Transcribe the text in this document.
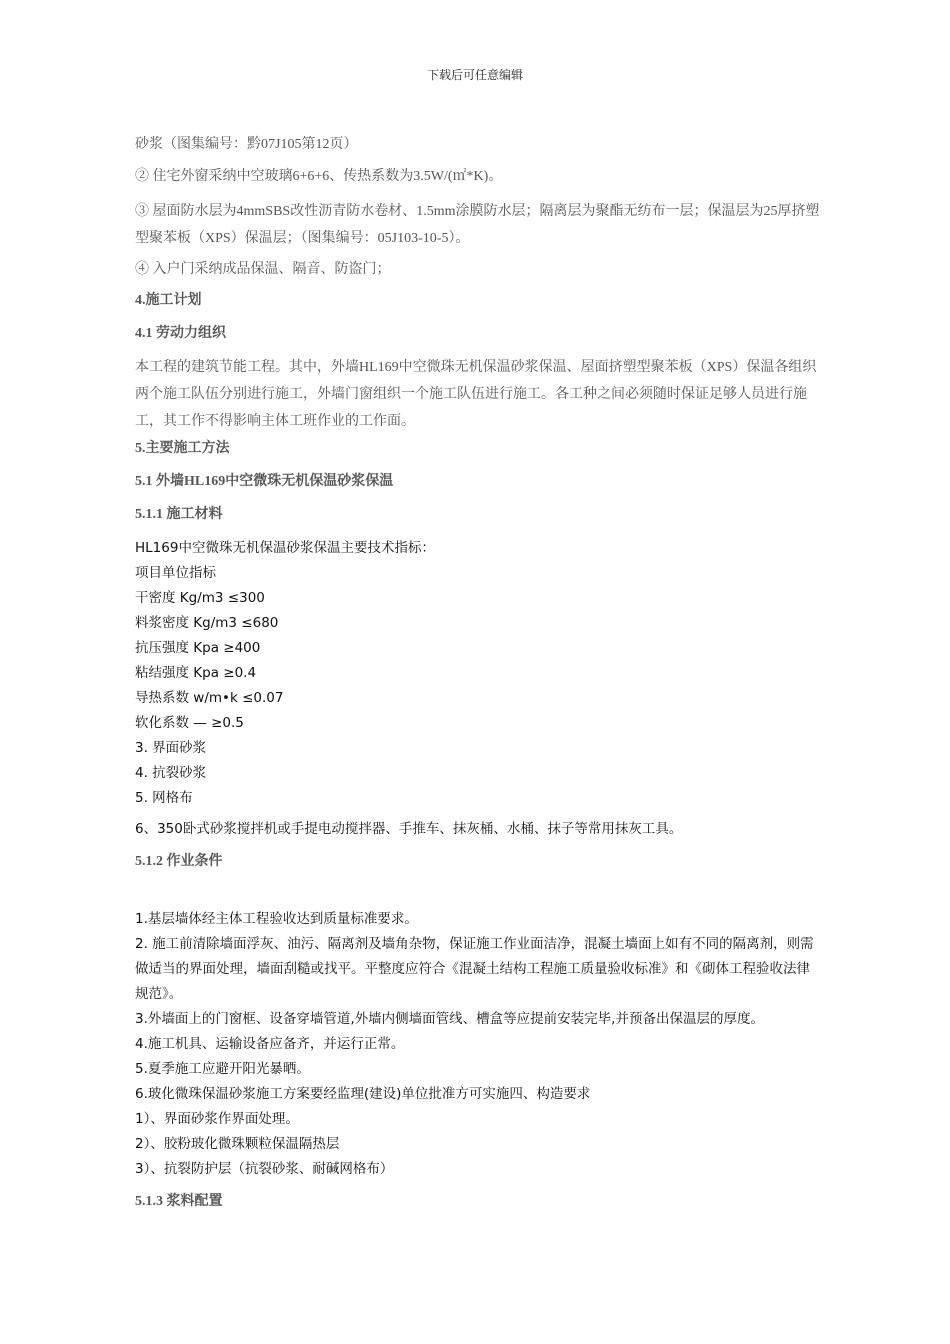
下载后可任意编辑

砂浆（图集编号：黔07J105第12页）

② 住宅外窗采纳中空玻璃6+6+6、传热系数为3.5W/(㎡*K)。

③ 屋面防水层为4mmSBS改性沥青防水卷材、1.5mm涂膜防水层；隔离层为聚酯无纺布一层；保温层为25厚挤塑型聚苯板（XPS）保温层；（图集编号：05J103-10-5）。

④ 入户门采纳成品保温、隔音、防盗门；

4.施工计划

4.1 劳动力组织

本工程的建筑节能工程。其中，外墙HL169中空微珠无机保温砂浆保温、屋面挤塑型聚苯板（XPS）保温各组织两个施工队伍分别进行施工，外墙门窗组织一个施工队伍进行施工。各工种之间必须随时保证足够人员进行施工，其工作不得影响主体工班作业的工作面。

5.主要施工方法

5.1 外墙HL169中空微珠无机保温砂浆保温

5.1.1 施工材料

HL169中空微珠无机保温砂浆保温主要技术指标：

项目单位指标

干密度 Kg/m3 ≤300

料浆密度 Kg/m3 ≤680

抗压强度 Kpa ≥400

粘结强度 Kpa ≥0.4

导热系数 w/m•k ≤0.07

软化系数 — ≥0.5

3. 界面砂浆

4. 抗裂砂浆

5. 网格布

6、350卧式砂浆搅拌机或手提电动搅拌器、手推车、抹灰桶、水桶、抹子等常用抹灰工具。

5.1.2 作业条件

1.基层墙体经主体工程验收达到质量标准要求。

2. 施工前清除墙面浮灰、油污、隔离剂及墙角杂物，保证施工作业面洁净，混凝土墙面上如有不同的隔离剂，则需做适当的界面处理，墙面刮糙或找平。平整度应符合《混凝土结构工程施工质量验收标准》和《砌体工程验收法律规范》。

3.外墙面上的门窗框、设备穿墙管道,外墙内侧墙面管线、槽盒等应提前安装完毕,并预备出保温层的厚度。

4.施工机具、运输设备应备齐，并运行正常。

5.夏季施工应避开阳光暴晒。

6.玻化微珠保温砂浆施工方案要经监理(建设)单位批准方可实施四、构造要求

1）、界面砂浆作界面处理。

2）、胶粉玻化微珠颗粒保温隔热层

3）、抗裂防护层（抗裂砂浆、耐碱网格布）

5.1.3 浆料配置
